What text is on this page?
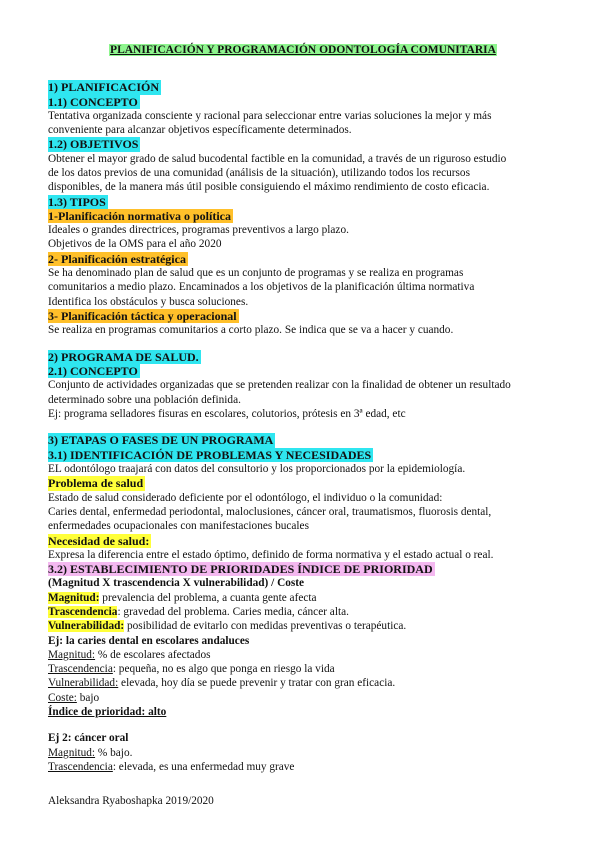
PLANIFICACIÓN Y PROGRAMACIÓN ODONTOLOGÍA COMUNITARIA
1) PLANIFICACIÓN
1.1) CONCEPTO
Tentativa organizada consciente y racional para seleccionar entre varias soluciones la mejor y más
conveniente para alcanzar objetivos específicamente determinados.
1.2) OBJETIVOS
Obtener el mayor grado de salud bucodental factible en la comunidad, a través de un riguroso estudio
de los datos previos de una comunidad (análisis de la situación), utilizando todos los recursos
disponibles, de la manera más útil posible consiguiendo el máximo rendimiento de costo eficacia.
1.3) TIPOS
1-Planificación normativa o política
Ideales o grandes directrices, programas preventivos a largo plazo.
Objetivos de la OMS para el año 2020
2- Planificación estratégica
Se ha denominado plan de salud que es un conjunto de programas y se realiza en programas
comunitarios a medio plazo. Encaminados a los objetivos de la planificación última normativa
Identifica los obstáculos y busca soluciones.
3- Planificación táctica y operacional
Se realiza en programas comunitarios a corto plazo. Se indica que se va a hacer y cuando.
2) PROGRAMA DE SALUD.
2.1) CONCEPTO
Conjunto de actividades organizadas que se pretenden realizar con la finalidad de obtener un resultado
determinado sobre una población definida.
Ej: programa selladores fisuras en escolares, colutorios, prótesis en 3ª edad, etc
3) ETAPAS O FASES DE UN PROGRAMA
3.1) IDENTIFICACIÓN DE PROBLEMAS Y NECESIDADES
EL odontólogo traajará con datos del consultorio y los proporcionados por la epidemiología.
Problema de salud
Estado de salud considerado deficiente por el odontólogo, el individuo o la comunidad:
Caries dental, enfermedad periodontal, maloclusiones, cáncer oral, traumatismos, fluorosis dental,
enfermedades ocupacionales con manifestaciones bucales
Necesidad de salud:
Expresa la diferencia entre el estado óptimo, definido de forma normativa y el estado actual o real.
3.2) ESTABLECIMIENTO DE PRIORIDADES ÍNDICE DE PRIORIDAD
(Magnitud X trascendencia X vulnerabilidad) / Coste
Magnitud: prevalencia del problema, a cuanta gente afecta
Trascendencia: gravedad del problema. Caries media, cáncer alta.
Vulnerabilidad: posibilidad de evitarlo con medidas preventivas o terapéutica.
Ej: la caries dental en escolares andaluces
Magnitud: % de escolares afectados
Trascendencia: pequeña, no es algo que ponga en riesgo la vida
Vulnerabilidad: elevada, hoy día se puede prevenir y tratar con gran eficacia.
Coste: bajo
Índice de prioridad: alto
Ej 2: cáncer oral
Magnitud: % bajo.
Trascendencia: elevada, es una enfermedad muy grave
Aleksandra Ryaboshapka 2019/2020
